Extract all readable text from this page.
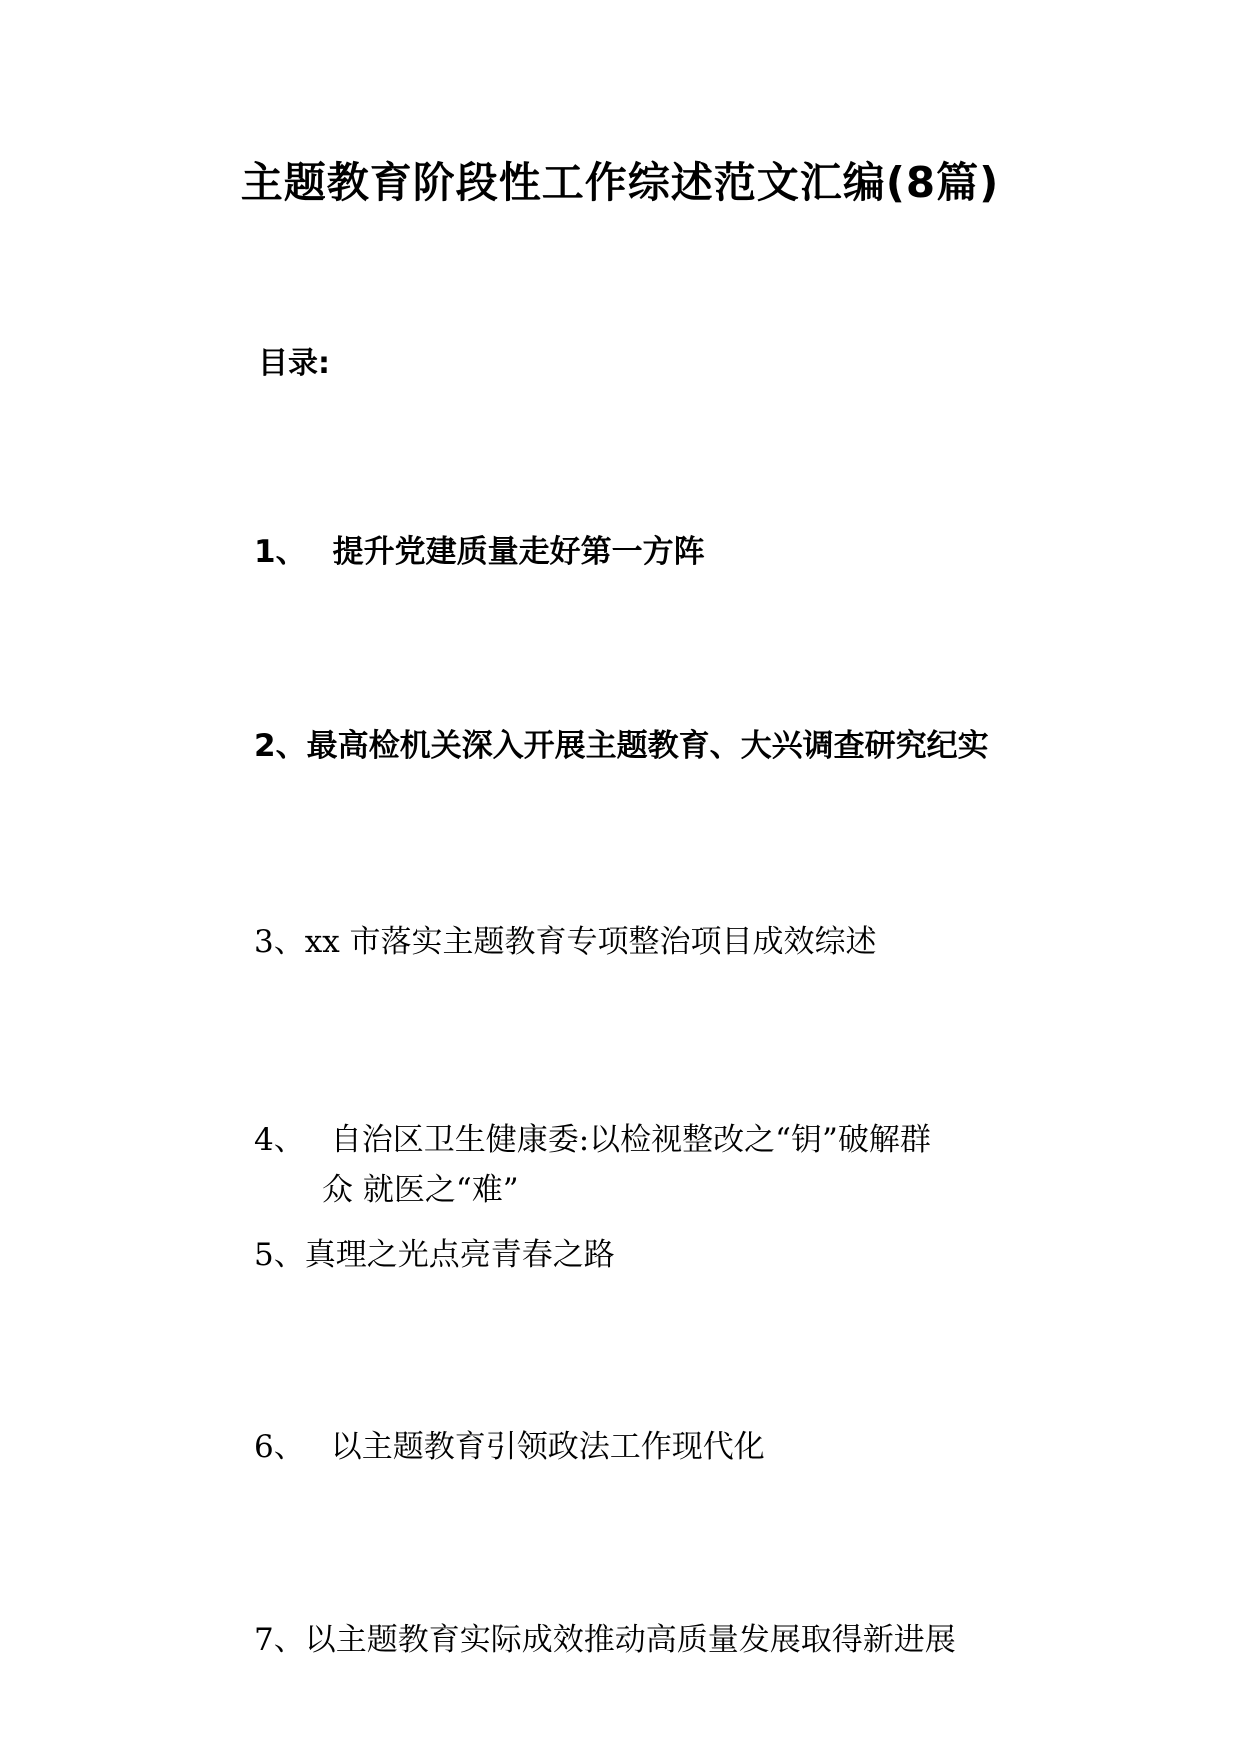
主题教育阶段性工作综述范文汇编(8篇)

目录:

1、 提升党建质量走好第一方阵

2、最高检机关深入开展主题教育、大兴调查研究纪实

3、xx 市落实主题教育专项整治项目成效综述

4、 自治区卫生健康委:以检视整改之“钥”破解群
众 就医之“难”

5、真理之光点亮青春之路

6、 以主题教育引领政法工作现代化

7、以主题教育实际成效推动高质量发展取得新进展
